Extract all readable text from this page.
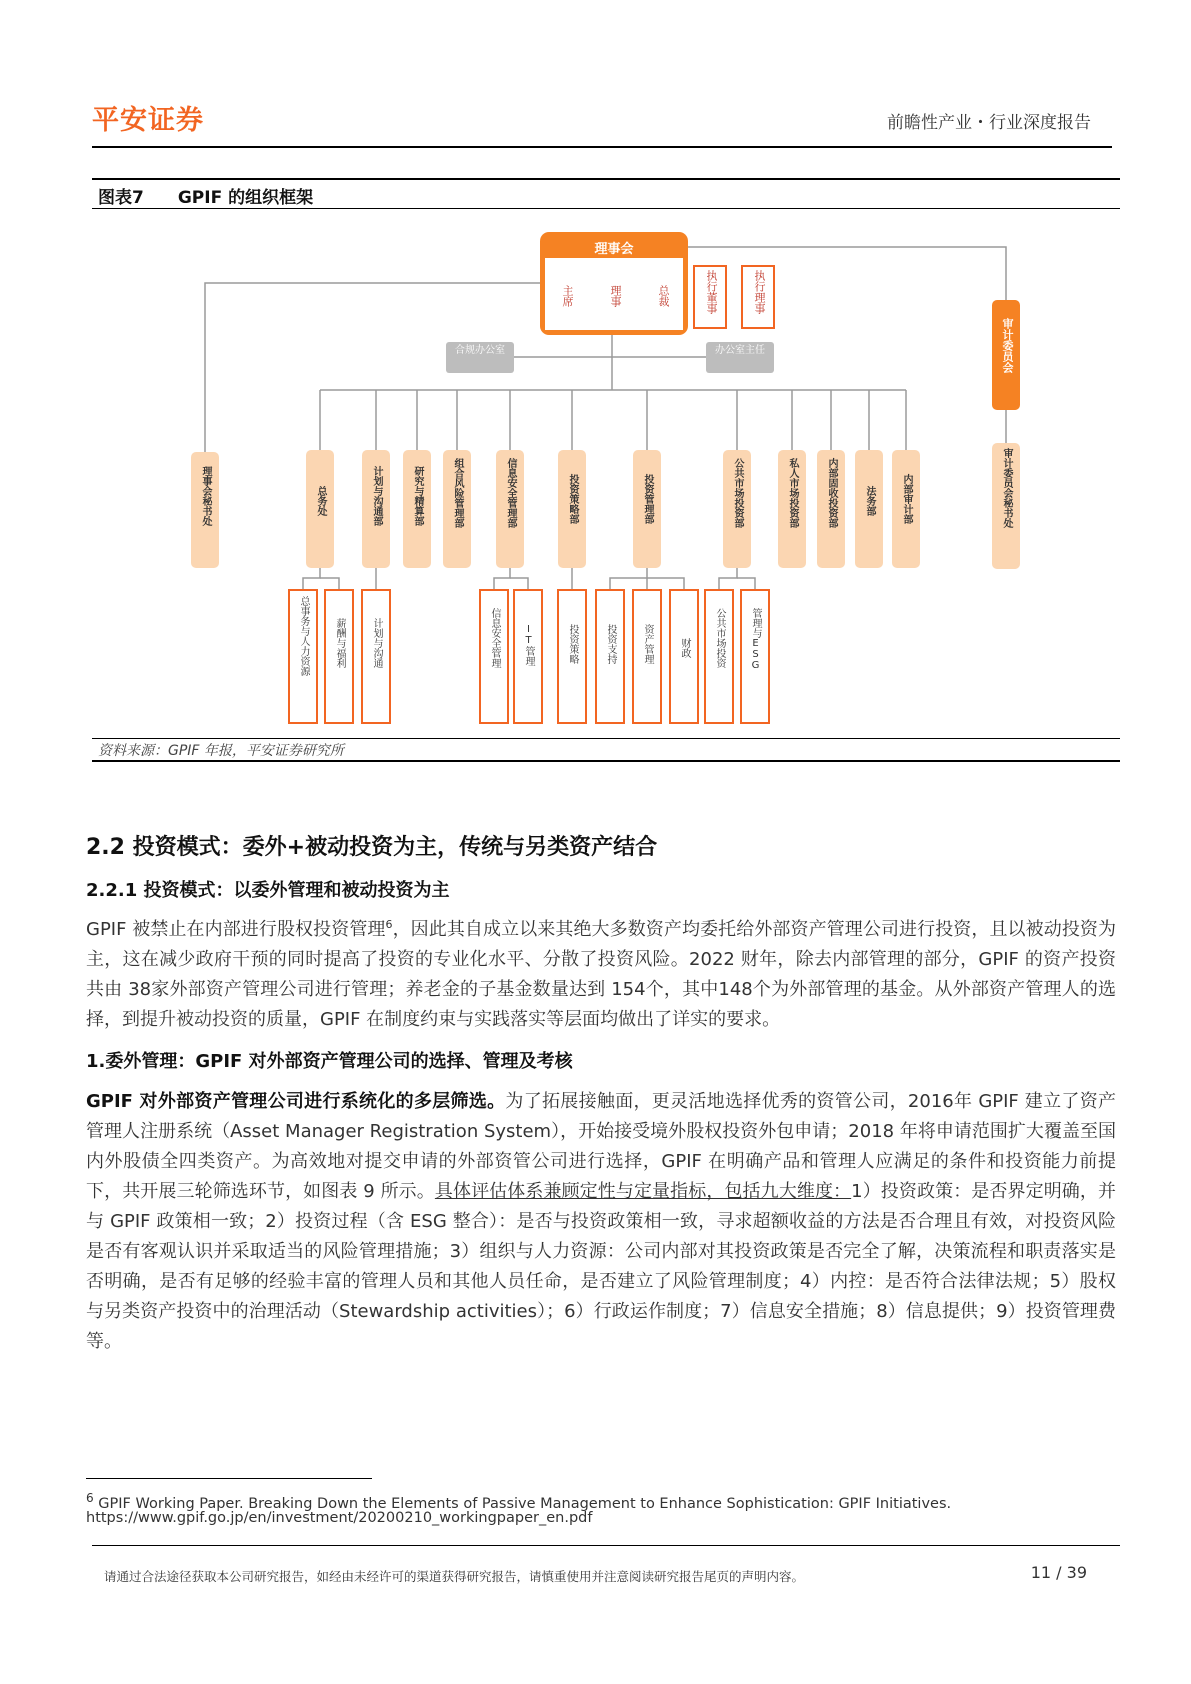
平安证券	前瞻性产业・行业深度报告
图表7 GPIF 的组织框架
理事会
主席	理事	总裁	执行董事	执行理事
合规办公室	办公室主任	审计委员会
审计委员会秘书处
理事会秘书处	总务处	计划与沟通部	研究与精算部	组合风险管理部	信息安全管理部	投资策略部	投资管理部	公共市场投资部	私人市场投资部	内部固收投资部	法务部	内部审计部
总事务与人力资源	薪酬与福利	计划与沟通	信息安全管理 IT管理	投资策略	投资支持	资产管理	财政 公共市场投资	管理与ESG
资料来源：GPIF 年报，平安证券研究所
2.2 投资模式：委外+被动投资为主，传统与另类资产结合
2.2.1 投资模式：以委外管理和被动投资为主
GPIF 被禁止在内部进行股权投资管理$^6$，因此其自成立以来其绝大多数资产均委托给外部资产管理公司进行投资，且以被动投资为主，这在减少政府干预的同时提高了投资的专业化水平、分散了投资风险。2022 财年，除去内部管理的部分，GPIF 的资产投资共由 38家外部资产管理公司进行管理；养老金的子基金数量达到 154个，其中148个为外部管理的基金。从外部资产管理人的选择，到提升被动投资的质量，GPIF 在制度约束与实践落实等层面均做出了详实的要求。
1.委外管理：GPIF 对外部资产管理公司的选择、管理及考核
GPIF 对外部资产管理公司进行系统化的多层筛选。为了拓展接触面，更灵活地选择优秀的资管公司，2016年 GPIF 建立了资产管理人注册系统（Asset Manager Registration System），开始接受境外股权投资外包申请；2018 年将申请范围扩大覆盖至国内外股债全四类资产。为高效地对提交申请的外部资管公司进行选择，GPIF 在明确产品和管理人应满足的条件和投资能力前提下，共开展三轮筛选环节，如图表 9 所示。具体评估体系兼顾定性与定量指标，包括九大维度：1）投资政策：是否界定明确，并与 GPIF 政策相一致；2）投资过程（含 ESG 整合）：是否与投资政策相一致，寻求超额收益的方法是否合理且有效，对投资风险是否有客观认识并采取适当的风险管理措施；3）组织与人力资源：公司内部对其投资政策是否完全了解，决策流程和职责落实是否明确，是否有足够的经验丰富的管理人员和其他人员任命，是否建立了风险管理制度；4）内控：是否符合法律法规；5）股权与另类资产投资中的治理活动（Stewardship activities）；6）行政运作制度；7）信息安全措施；8）信息提供；9）投资管理费等。
$^6$ GPIF Working Paper. Breaking Down the Elements of Passive Management to Enhance Sophistication: GPIF Initiatives.
https://www.gpif.go.jp/en/investment/20200210_workingpaper_en.pdf
请通过合法途径获取本公司研究报告，如经由未经许可的渠道获得研究报告，请慎重使用并注意阅读研究报告尾页的声明内容。	11 / 39
